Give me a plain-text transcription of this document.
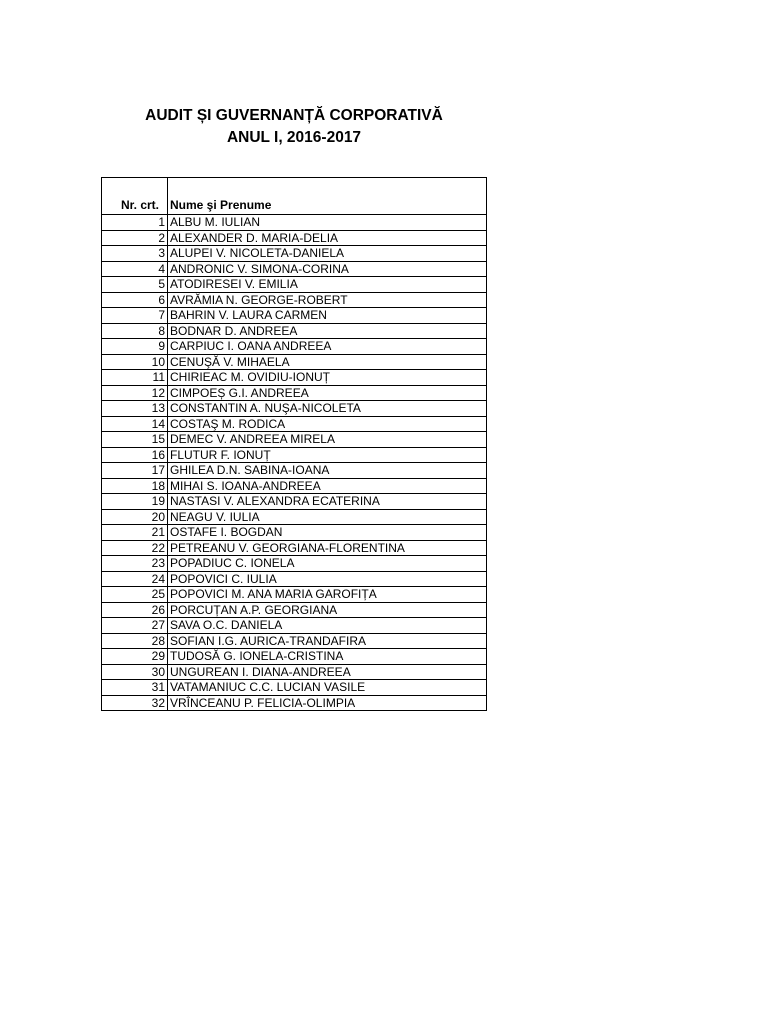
AUDIT ȘI GUVERNANȚĂ CORPORATIVĂ
ANUL I, 2016-2017
Nr. crt.	Nume şi Prenume
1	ALBU M. IULIAN
2	ALEXANDER D. MARIA-DELIA
3	ALUPEI V. NICOLETA-DANIELA
4	ANDRONIC V. SIMONA-CORINA
5	ATODIRESEI V. EMILIA
6	AVRĂMIA N. GEORGE-ROBERT
7	BAHRIN V. LAURA CARMEN
8	BODNAR D. ANDREEA
9	CARPIUC I. OANA ANDREEA
10	CENUŞĂ V. MIHAELA
11	CHIRIEAC M. OVIDIU-IONUȚ
12	CIMPOEȘ G.I. ANDREEA
13	CONSTANTIN A. NUŞA-NICOLETA
14	COSTAŞ M. RODICA
15	DEMEC V. ANDREEA MIRELA
16	FLUTUR F. IONUȚ
17	GHILEA D.N. SABINA-IOANA
18	MIHAI S. IOANA-ANDREEA
19	NASTASI V. ALEXANDRA ECATERINA
20	NEAGU V. IULIA
21	OSTAFE I. BOGDAN
22	PETREANU V. GEORGIANA-FLORENTINA
23	POPADIUC C. IONELA
24	POPOVICI C. IULIA
25	POPOVICI M. ANA MARIA GAROFIȚA
26	PORCUȚAN A.P. GEORGIANA
27	SAVA O.C. DANIELA
28	SOFIAN I.G. AURICA-TRANDAFIRA
29	TUDOSĂ G. IONELA-CRISTINA
30	UNGUREAN I. DIANA-ANDREEA
31	VATAMANIUC C.C. LUCIAN VASILE
32	VRÎNCEANU P. FELICIA-OLIMPIA
